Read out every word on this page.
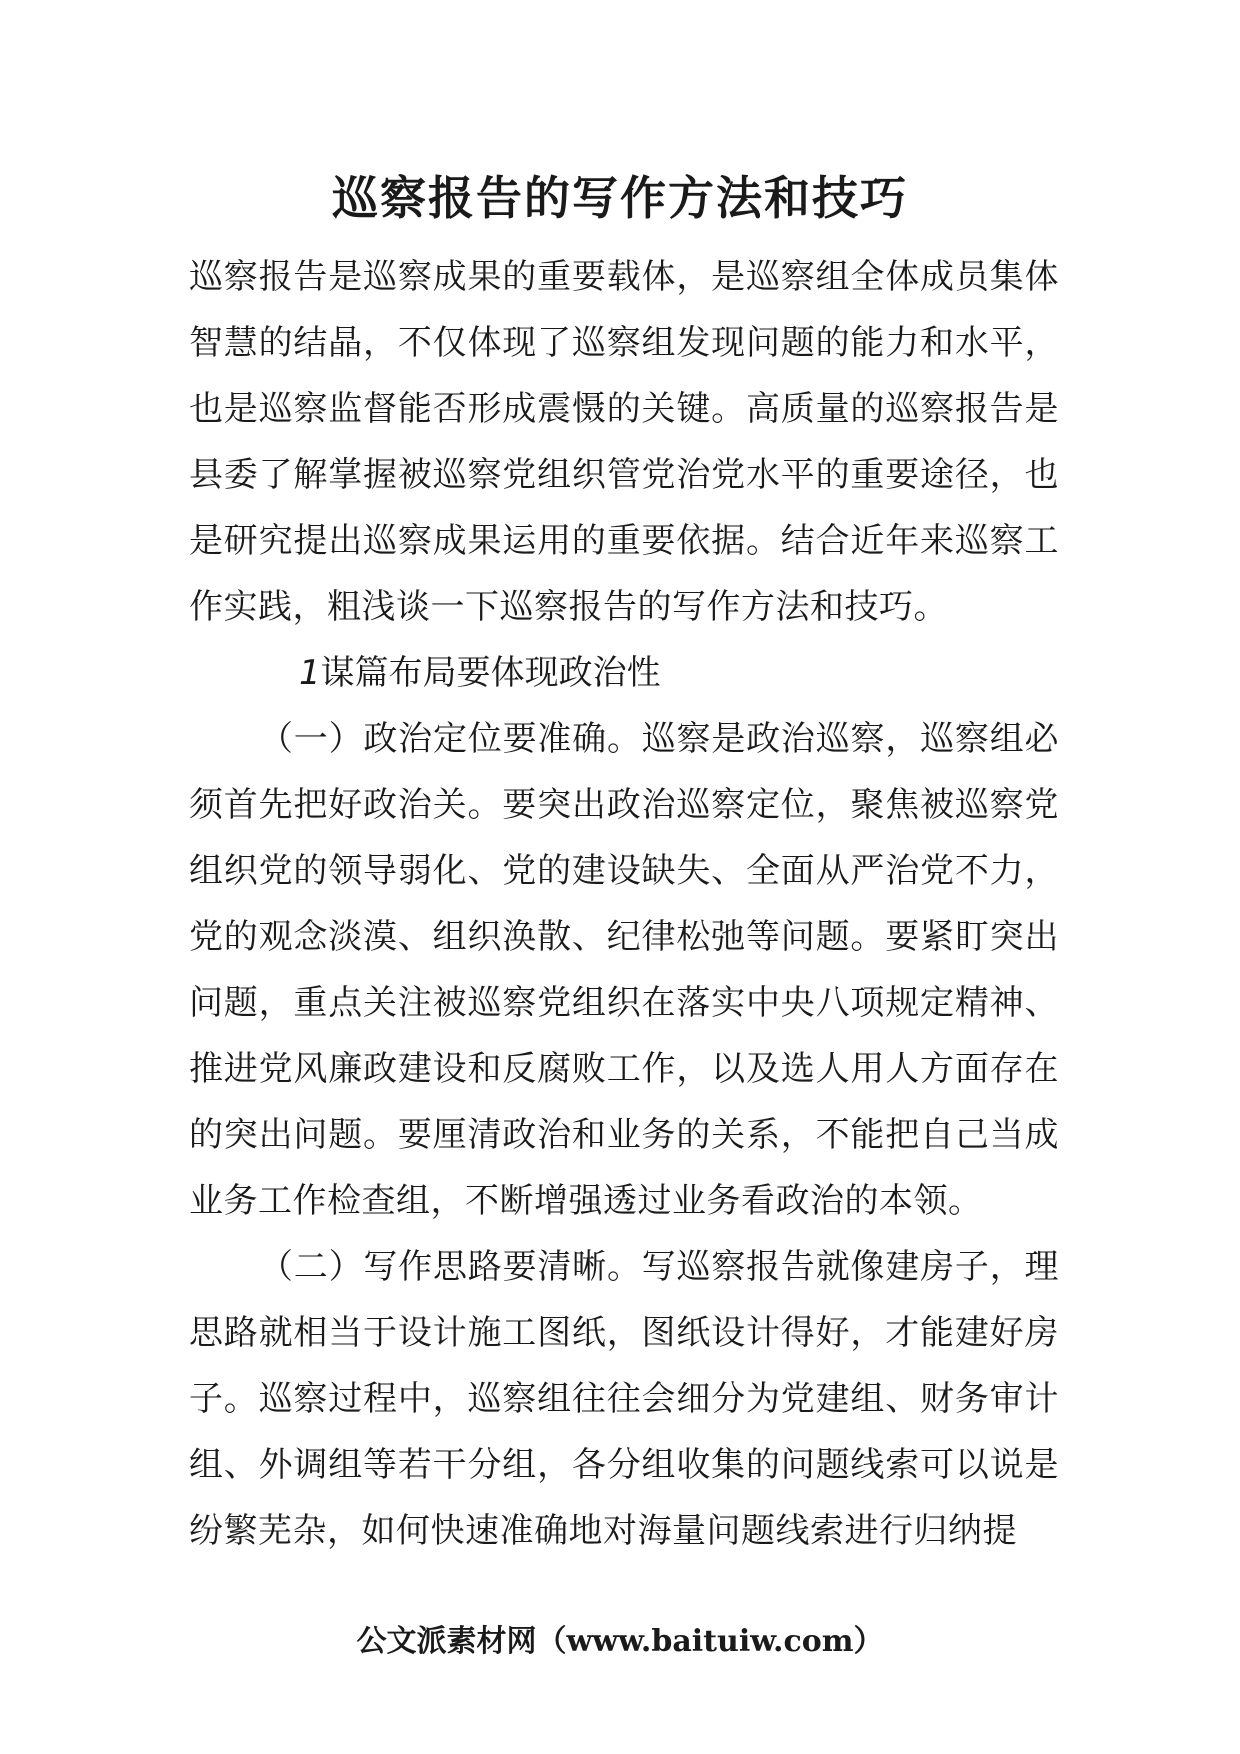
巡察报告的写作方法和技巧

巡察报告是巡察成果的重要载体，是巡察组全体成员集体智慧的结晶，不仅体现了巡察组发现问题的能力和水平，也是巡察监督能否形成震慑的关键。高质量的巡察报告是县委了解掌握被巡察党组织管党治党水平的重要途径，也是研究提出巡察成果运用的重要依据。结合近年来巡察工作实践，粗浅谈一下巡察报告的写作方法和技巧。

1谋篇布局要体现政治性

（一）政治定位要准确。巡察是政治巡察，巡察组必须首先把好政治关。要突出政治巡察定位，聚焦被巡察党组织党的领导弱化、党的建设缺失、全面从严治党不力，党的观念淡漠、组织涣散、纪律松弛等问题。要紧盯突出问题，重点关注被巡察党组织在落实中央八项规定精神、推进党风廉政建设和反腐败工作，以及选人用人方面存在的突出问题。要厘清政治和业务的关系，不能把自己当成业务工作检查组，不断增强透过业务看政治的本领。

（二）写作思路要清晰。写巡察报告就像建房子，理思路就相当于设计施工图纸，图纸设计得好，才能建好房子。巡察过程中，巡察组往往会细分为党建组、财务审计组、外调组等若干分组，各分组收集的问题线索可以说是纷繁芜杂，如何快速准确地对海量问题线索进行归纳提

公文派素材网（www.baituiw.com）
